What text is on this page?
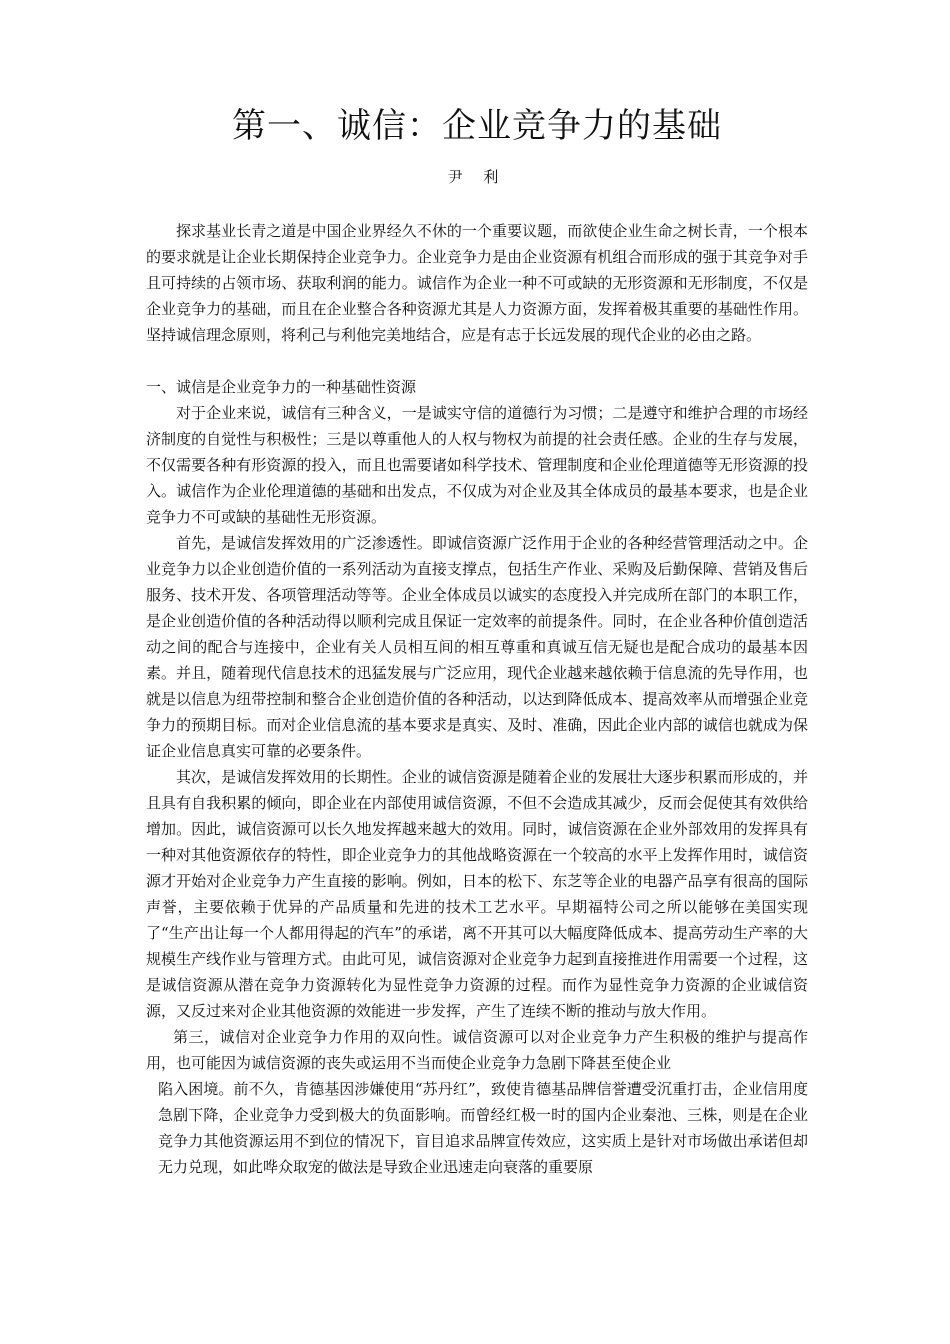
第一、诚信：企业竞争力的基础
尹 利

探求基业长青之道是中国企业界经久不休的一个重要议题，而欲使企业生命之树长青，一个根本的要求就是让企业长期保持企业竞争力。企业竞争力是由企业资源有机组合而形成的强于其竞争对手且可持续的占领市场、获取利润的能力。诚信作为企业一种不可或缺的无形资源和无形制度，不仅是企业竞争力的基础，而且在企业整合各种资源尤其是人力资源方面，发挥着极其重要的基础性作用。坚持诚信理念原则，将利己与利他完美地结合，应是有志于长远发展的现代企业的必由之路。

一、诚信是企业竞争力的一种基础性资源

对于企业来说，诚信有三种含义，一是诚实守信的道德行为习惯；二是遵守和维护合理的市场经济制度的自觉性与积极性；三是以尊重他人的人权与物权为前提的社会责任感。企业的生存与发展，不仅需要各种有形资源的投入，而且也需要诸如科学技术、管理制度和企业伦理道德等无形资源的投入。诚信作为企业伦理道德的基础和出发点，不仅成为对企业及其全体成员的最基本要求，也是企业竞争力不可或缺的基础性无形资源。

首先，是诚信发挥效用的广泛渗透性。即诚信资源广泛作用于企业的各种经营管理活动之中。企业竞争力以企业创造价值的一系列活动为直接支撑点，包括生产作业、采购及后勤保障、营销及售后服务、技术开发、各项管理活动等等。企业全体成员以诚实的态度投入并完成所在部门的本职工作，是企业创造价值的各种活动得以顺利完成且保证一定效率的前提条件。同时，在企业各种价值创造活动之间的配合与连接中，企业有关人员相互间的相互尊重和真诚互信无疑也是配合成功的最基本因素。并且，随着现代信息技术的迅猛发展与广泛应用，现代企业越来越依赖于信息流的先导作用，也就是以信息为纽带控制和整合企业创造价值的各种活动，以达到降低成本、提高效率从而增强企业竞争力的预期目标。而对企业信息流的基本要求是真实、及时、准确，因此企业内部的诚信也就成为保证企业信息真实可靠的必要条件。

其次，是诚信发挥效用的长期性。企业的诚信资源是随着企业的发展壮大逐步积累而形成的，并且具有自我积累的倾向，即企业在内部使用诚信资源，不但不会造成其减少，反而会促使其有效供给增加。因此，诚信资源可以长久地发挥越来越大的效用。同时，诚信资源在企业外部效用的发挥具有一种对其他资源依存的特性，即企业竞争力的其他战略资源在一个较高的水平上发挥作用时，诚信资源才开始对企业竞争力产生直接的影响。例如，日本的松下、东芝等企业的电器产品享有很高的国际声誉，主要依赖于优异的产品质量和先进的技术工艺水平。早期福特公司之所以能够在美国实现了“生产出让每一个人都用得起的汽车”的承诺，离不开其可以大幅度降低成本、提高劳动生产率的大规模生产线作业与管理方式。由此可见，诚信资源对企业竞争力起到直接推进作用需要一个过程，这是诚信资源从潜在竞争力资源转化为显性竞争力资源的过程。而作为显性竞争力资源的企业诚信资源，又反过来对企业其他资源的效能进一步发挥，产生了连续不断的推动与放大作用。

第三，诚信对企业竞争力作用的双向性。诚信资源可以对企业竞争力产生积极的维护与提高作用，也可能因为诚信资源的丧失或运用不当而使企业竞争力急剧下降甚至使企业

陷入困境。前不久，肯德基因涉嫌使用“苏丹红”，致使肯德基品牌信誉遭受沉重打击，企业信用度急剧下降，企业竞争力受到极大的负面影响。而曾经红极一时的国内企业秦池、三株，则是在企业竞争力其他资源运用不到位的情况下，盲目追求品牌宣传效应，这实质上是针对市场做出承诺但却无力兑现，如此哗众取宠的做法是导致企业迅速走向衰落的重要原
